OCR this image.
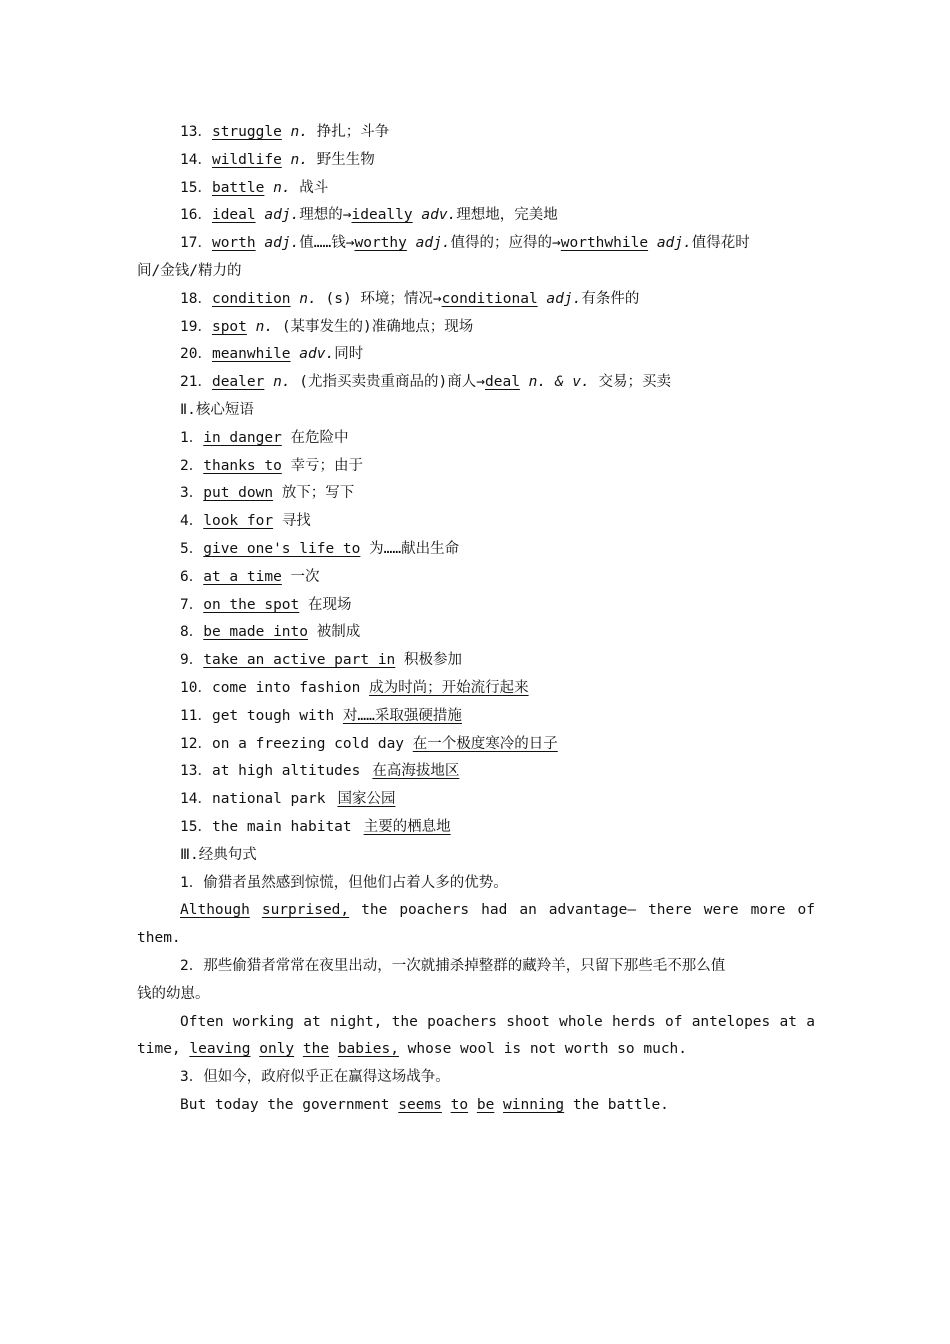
13．struggle n. 挣扎；斗争
14．wildlife n. 野生生物
15．battle n. 战斗
16．ideal adj.理想的→ideally adv.理想地，完美地
17．worth adj.值……钱→worthy adj.值得的；应得的→worthwhile adj.值得花时
间/金钱/精力的
18．condition n. (s) 环境；情况→conditional adj.有条件的
19．spot n. (某事发生的)准确地点；现场
20．meanwhile adv.同时
21．dealer n. (尤指买卖贵重商品的)商人→deal n. & v. 交易；买卖
Ⅱ.核心短语
1．in danger 在危险中
2．thanks to 幸亏；由于
3．put down 放下；写下
4．look for 寻找
5．give one's life to 为……献出生命
6．at a time 一次
7．on the spot 在现场
8．be made into 被制成
9．take an active part in 积极参加
10．come into fashion 成为时尚；开始流行起来
11．get tough with 对……采取强硬措施
12．on a freezing cold day 在一个极度寒冷的日子
13．at high altitudes 在高海拔地区
14．national park 国家公园
15．the main habitat 主要的栖息地
Ⅲ.经典句式
1．偷猎者虽然感到惊慌，但他们占着人多的优势。
Although surprised, the poachers had an advantage— there were more of
them.
2．那些偷猎者常常在夜里出动，一次就捕杀掉整群的藏羚羊，只留下那些毛不那么值
钱的幼崽。
Often working at night, the poachers shoot whole herds of antelopes at a
time, leaving only the babies, whose wool is not worth so much.
3．但如今，政府似乎正在赢得这场战争。
But today the government seems to be winning the battle.
